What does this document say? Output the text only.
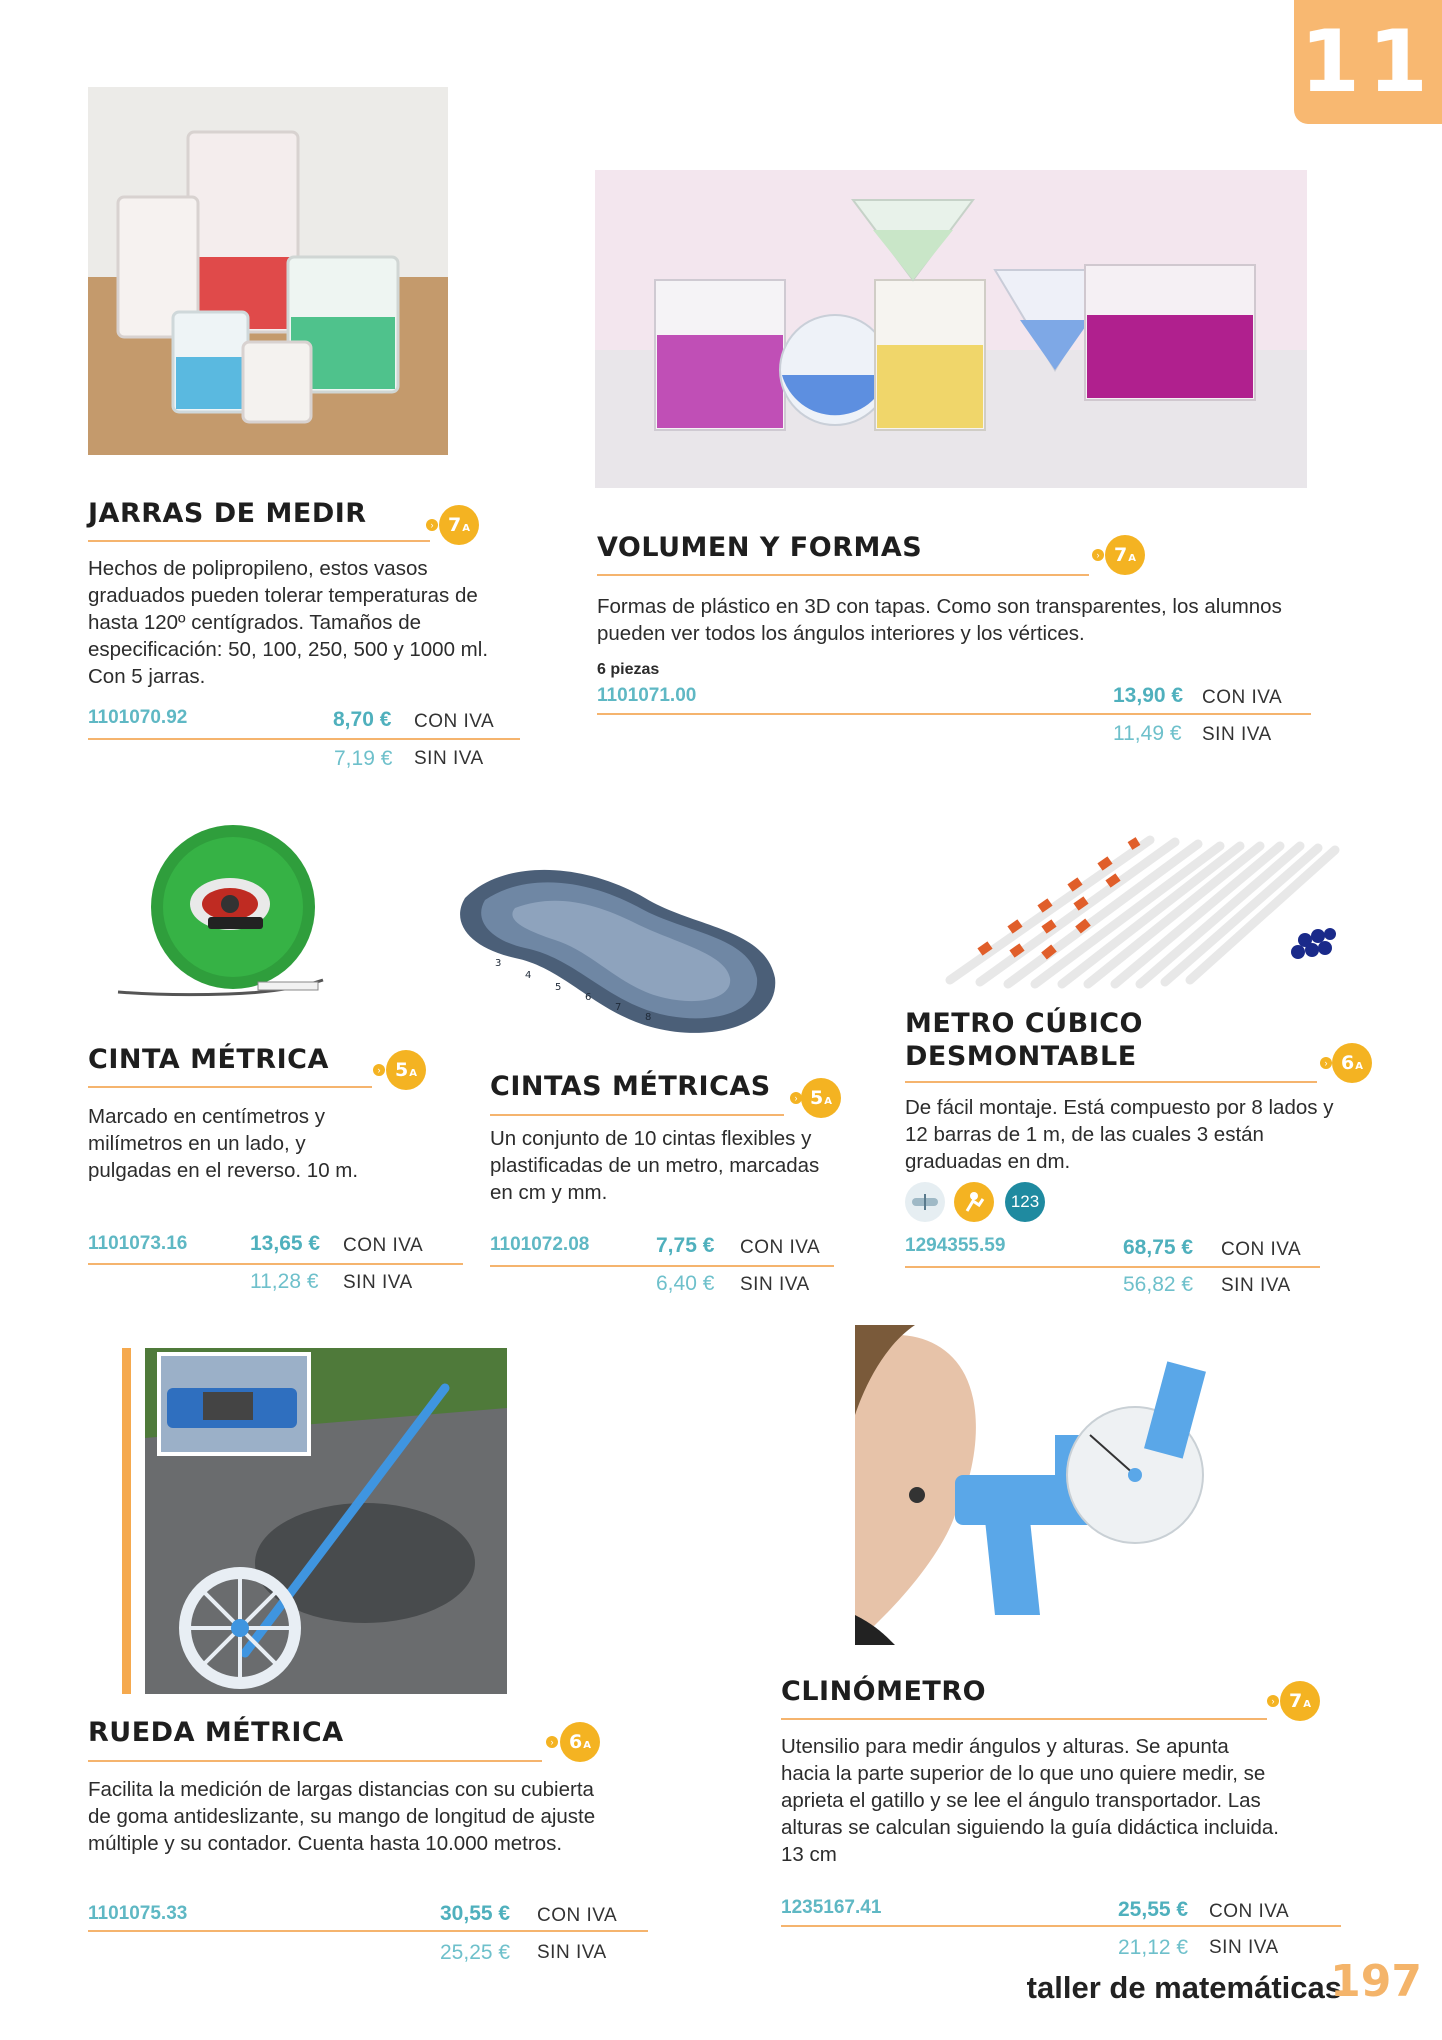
11
JARRAS DE MEDIR	› 7 A

Hechos de polipropileno, estos vasos graduados pueden tolerar temperaturas de hasta 120º centígrados. Tamaños de especificación: 50, 100, 250, 500 y 1000 ml. Con 5 jarras.

1101070.92	8,70 € CON IVA
7,19 € SIN IVA
VOLUMEN Y FORMAS	› 7 A

Formas de plástico en 3D con tapas. Como son transparentes, los alumnos pueden ver todos los ángulos interiores y los vértices.

6 piezas
1101071.00	13,90 € CON IVA
11,49 € SIN IVA
CINTA MÉTRICA	› 5 A

Marcado en centímetros y milímetros en un lado, y pulgadas en el reverso. 10 m.

1101073.16	13,65 € CON IVA
11,28 € SIN IVA
3
4
5
6
7
8
CINTAS MÉTRICAS	› 5 A

Un conjunto de 10 cintas flexibles y plastificadas de un metro, marcadas en cm y mm.

1101072.08	7,75 € CON IVA
6,40 € SIN IVA
METRO CÚBICO
DESMONTABLE	› 6 A

De fácil montaje. Está compuesto por 8 lados y 12 barras de 1 m, de las cuales 3 están graduadas en dm.

123
1294355.59	68,75 € CON IVA
56,82 € SIN IVA
RUEDA MÉTRICA	› 6 A

Facilita la medición de largas distancias con su cubierta de goma antideslizante, su mango de longitud de ajuste múltiple y su contador. Cuenta hasta 10.000 metros.

1101075.33	30,55 € CON IVA
25,25 € SIN IVA
CLINÓMETRO	› 7 A

Utensilio para medir ángulos y alturas. Se apunta hacia la parte superior de lo que uno quiere medir, se aprieta el gatillo y se lee el ángulo transportador. Las alturas se calculan siguiendo la guía didáctica incluida. 13 cm

1235167.41	25,55 € CON IVA
21,12 € SIN IVA
taller de matemáticas
197
